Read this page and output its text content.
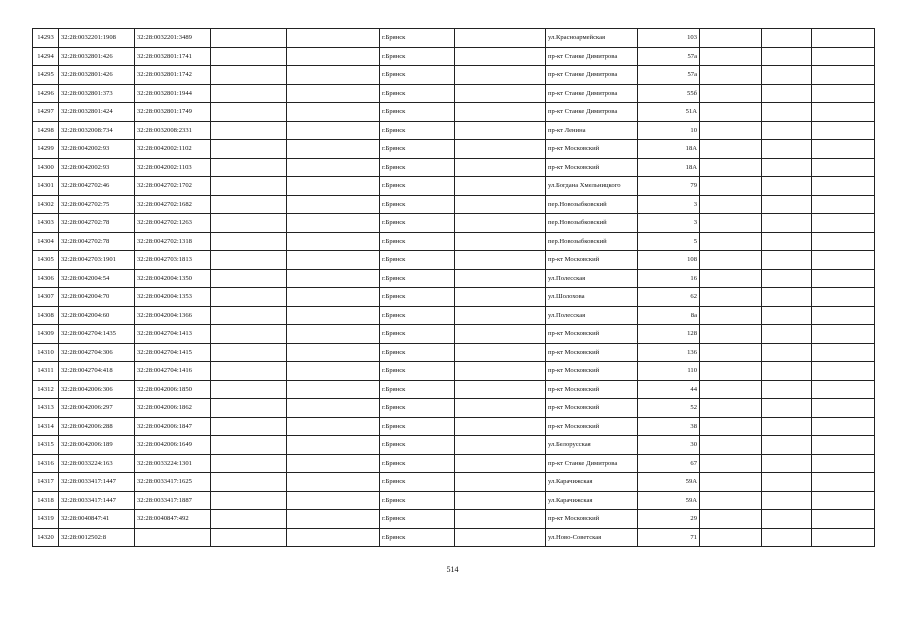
14293	32:28:0032201:1908	32:28:0032201:3489			г.Брянск		ул.Красноармейская	103			
14294	32:28:0032801:426	32:28:0032801:1741			г.Брянск		пр-кт Станке Димитрова	57а			
14295	32:28:0032801:426	32:28:0032801:1742			г.Брянск		пр-кт Станке Димитрова	57а			
14296	32:28:0032801:373	32:28:0032801:1944			г.Брянск		пр-кт Станке Димитрова	55б			
14297	32:28:0032801:424	32:28:0032801:1749			г.Брянск		пр-кт Станке Димитрова	51А			
14298	32:28:0032008:734	32:28:0032008:2331			г.Брянск		пр-кт Ленина	10			
14299	32:28:0042002:93	32:28:0042002:1102			г.Брянск		пр-кт Московский	18А			
14300	32:28:0042002:93	32:28:0042002:1103			г.Брянск		пр-кт Московский	18А			
14301	32:28:0042702:46	32:28:0042702:1702			г.Брянск		ул.Богдана Хмельницкого	79			
14302	32:28:0042702:75	32:28:0042702:1682			г.Брянск		пер.Новозыбковский	3			
14303	32:28:0042702:78	32:28:0042702:1263			г.Брянск		пер.Новозыбковский	3			
14304	32:28:0042702:78	32:28:0042702:1318			г.Брянск		пер.Новозыбковский	5			
14305	32:28:0042703:1901	32:28:0042703:1813			г.Брянск		пр-кт Московский	108			
14306	32:28:0042004:54	32:28:0042004:1350			г.Брянск		ул.Полесская	16			
14307	32:28:0042004:70	32:28:0042004:1353			г.Брянск		ул.Шолохова	62			
14308	32:28:0042004:60	32:28:0042004:1366			г.Брянск		ул.Полесская	8а			
14309	32:28:0042704:1435	32:28:0042704:1413			г.Брянск		пр-кт Московский	128			
14310	32:28:0042704:306	32:28:0042704:1415			г.Брянск		пр-кт Московский	136			
14311	32:28:0042704:418	32:28:0042704:1416			г.Брянск		пр-кт Московский	110			
14312	32:28:0042006:306	32:28:0042006:1850			г.Брянск		пр-кт Московский	44			
14313	32:28:0042006:297	32:28:0042006:1862			г.Брянск		пр-кт Московский	52			
14314	32:28:0042006:288	32:28:0042006:1847			г.Брянск		пр-кт Московский	38			
14315	32:28:0042006:189	32:28:0042006:1649			г.Брянск		ул.Белорусская	30			
14316	32:28:0033224:163	32:28:0033224:1301			г.Брянск		пр-кт Станке Димитрова	67			
14317	32:28:0033417:1447	32:28:0033417:1625			г.Брянск		ул.Карачижская	59А			
14318	32:28:0033417:1447	32:28:0033417:1887			г.Брянск		ул.Карачижская	59А			
14319	32:28:0040847:41	32:28:0040847:492			г.Брянск		пр-кт Московский	29			
14320	32:28:0012502:8				г.Брянск		ул.Ново-Советская	71			
514
